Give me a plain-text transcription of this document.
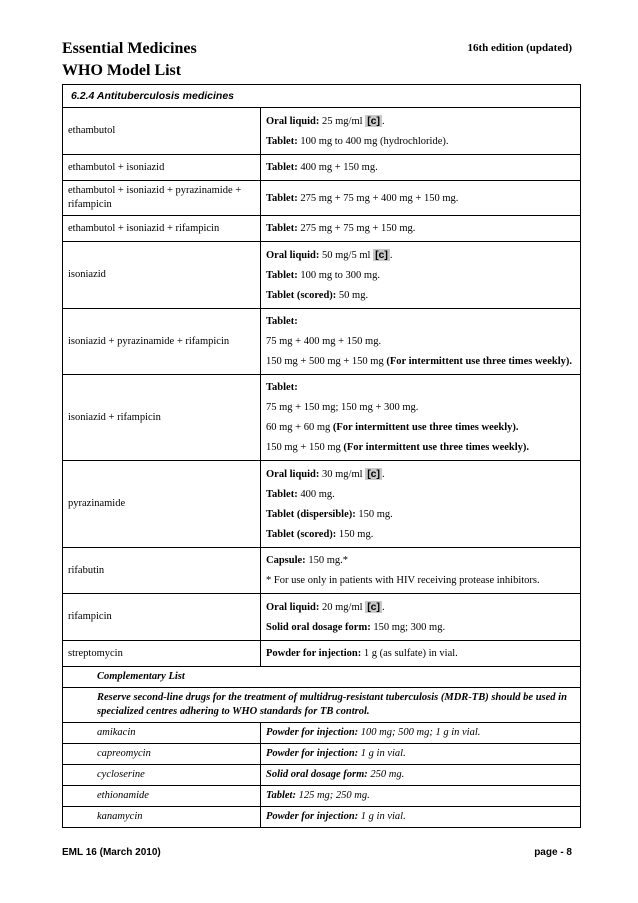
Essential Medicines
WHO Model List
16th edition (updated)
6.2.4 Antituberculosis medicines	
ethambutol	Oral liquid: 25 mg/ml [c] .
Tablet: 100 mg to 400 mg (hydrochloride).

ethambutol + isoniazid	Tablet: 400 mg + 150 mg.

ethambutol + isoniazid + pyrazinamide + rifampicin	Tablet: 275 mg + 75 mg + 400 mg + 150 mg.

ethambutol + isoniazid + rifampicin	Tablet: 275 mg + 75 mg + 150 mg.

isoniazid	Oral liquid: 50 mg/5 ml [c] .
Tablet: 100 mg to 300 mg.
Tablet (scored): 50 mg.

isoniazid + pyrazinamide + rifampicin	Tablet:
75 mg + 400 mg + 150 mg.
150 mg + 500 mg + 150 mg (For intermittent use three times weekly).

isoniazid + rifampicin	Tablet:
75 mg + 150 mg; 150 mg + 300 mg.
60 mg + 60 mg (For intermittent use three times weekly).
150 mg + 150 mg (For intermittent use three times weekly).

pyrazinamide	Oral liquid: 30 mg/ml [c] .
Tablet: 400 mg.
Tablet (dispersible): 150 mg.
Tablet (scored): 150 mg.

rifabutin	Capsule: 150 mg.*
* For use only in patients with HIV receiving protease inhibitors.

rifampicin	Oral liquid: 20 mg/ml [c] .
Solid oral dosage form: 150 mg; 300 mg.

streptomycin	Powder for injection: 1 g (as sulfate) in vial.

Complementary List	
Reserve second-line drugs for the treatment of multidrug-resistant tuberculosis (MDR-TB) should be used in specialized centres adhering to WHO standards for TB control.	
amikacin	Powder for injection: 100 mg; 500 mg; 1 g in vial.
capreomycin	Powder for injection: 1 g in vial.
cycloserine	Solid oral dosage form: 250 mg.
ethionamide	Tablet: 125 mg; 250 mg.
kanamycin	Powder for injection: 1 g in vial.
EML 16 (March 2010)	page - 8
